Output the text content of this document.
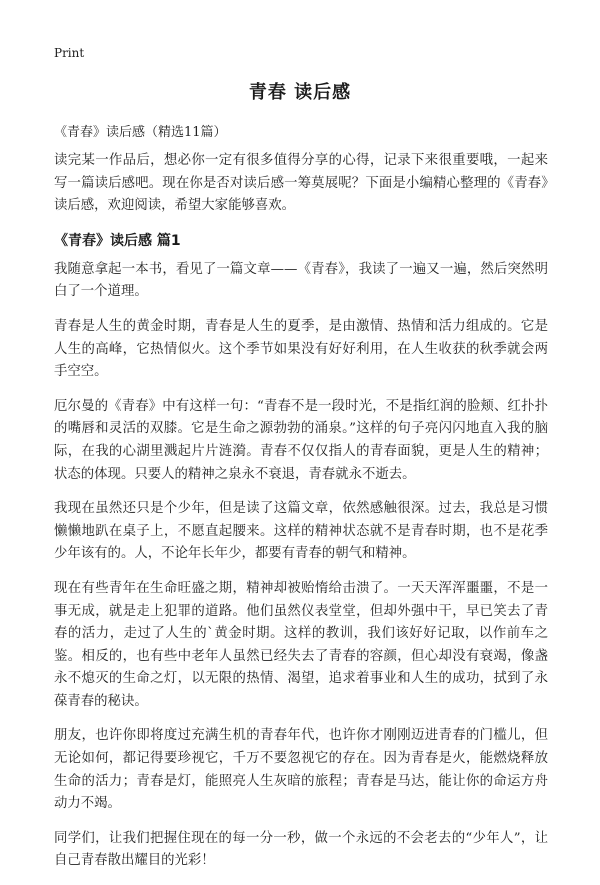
Print
青春 读后感
《青春》读后感（精选11篇）

读完某一作品后，想必你一定有很多值得分享的心得，记录下来很重要哦，一起来写一篇读后感吧。现在你是否对读后感一筹莫展呢？下面是小编精心整理的《青春》读后感，欢迎阅读，希望大家能够喜欢。

《青春》读后感 篇1

我随意拿起一本书，看见了一篇文章——《青春》，我读了一遍又一遍，然后突然明白了一个道理。

青春是人生的黄金时期，青春是人生的夏季，是由激情、热情和活力组成的。它是人生的高峰，它热情似火。这个季节如果没有好好利用，在人生收获的秋季就会两手空空。

厄尔曼的《青春》中有这样一句：“青春不是一段时光，不是指红润的脸颊、红扑扑的嘴唇和灵活的双膝。它是生命之源勃勃的涌泉。”这样的句子亮闪闪地直入我的脑际，在我的心湖里溅起片片涟漪。青春不仅仅指人的青春面貌，更是人生的精神；状态的体现。只要人的精神之泉永不衰退，青春就永不逝去。

我现在虽然还只是个少年，但是读了这篇文章，依然感触很深。过去，我总是习惯懒懒地趴在桌子上，不愿直起腰来。这样的精神状态就不是青春时期，也不是花季少年该有的。人，不论年长年少，都要有青春的朝气和精神。

现在有些青年在生命旺盛之期，精神却被贻惰给击溃了。一天天浑浑噩噩，不是一事无成，就是走上犯罪的道路。他们虽然仪表堂堂，但却外强中干，早已笑去了青春的活力，走过了人生的`黄金时期。这样的教训，我们该好好记取，以作前车之鉴。相反的，也有些中老年人虽然已经失去了青春的容颜，但心却没有衰竭，像盏永不熄灭的生命之灯，以无限的热情、渴望，追求着事业和人生的成功，拭到了永葆青春的秘诀。

朋友，也许你即将度过充满生机的青春年代，也许你才刚刚迈进青春的门槛儿，但无论如何，都记得要珍视它，千万不要忽视它的存在。因为青春是火，能燃烧释放生命的活力；青春是灯，能照亮人生灰暗的旅程；青春是马达，能让你的命运方舟动力不竭。

同学们，让我们把握住现在的每一分一秒，做一个永远的不会老去的“少年人”，让自己青春散出耀目的光彩！
